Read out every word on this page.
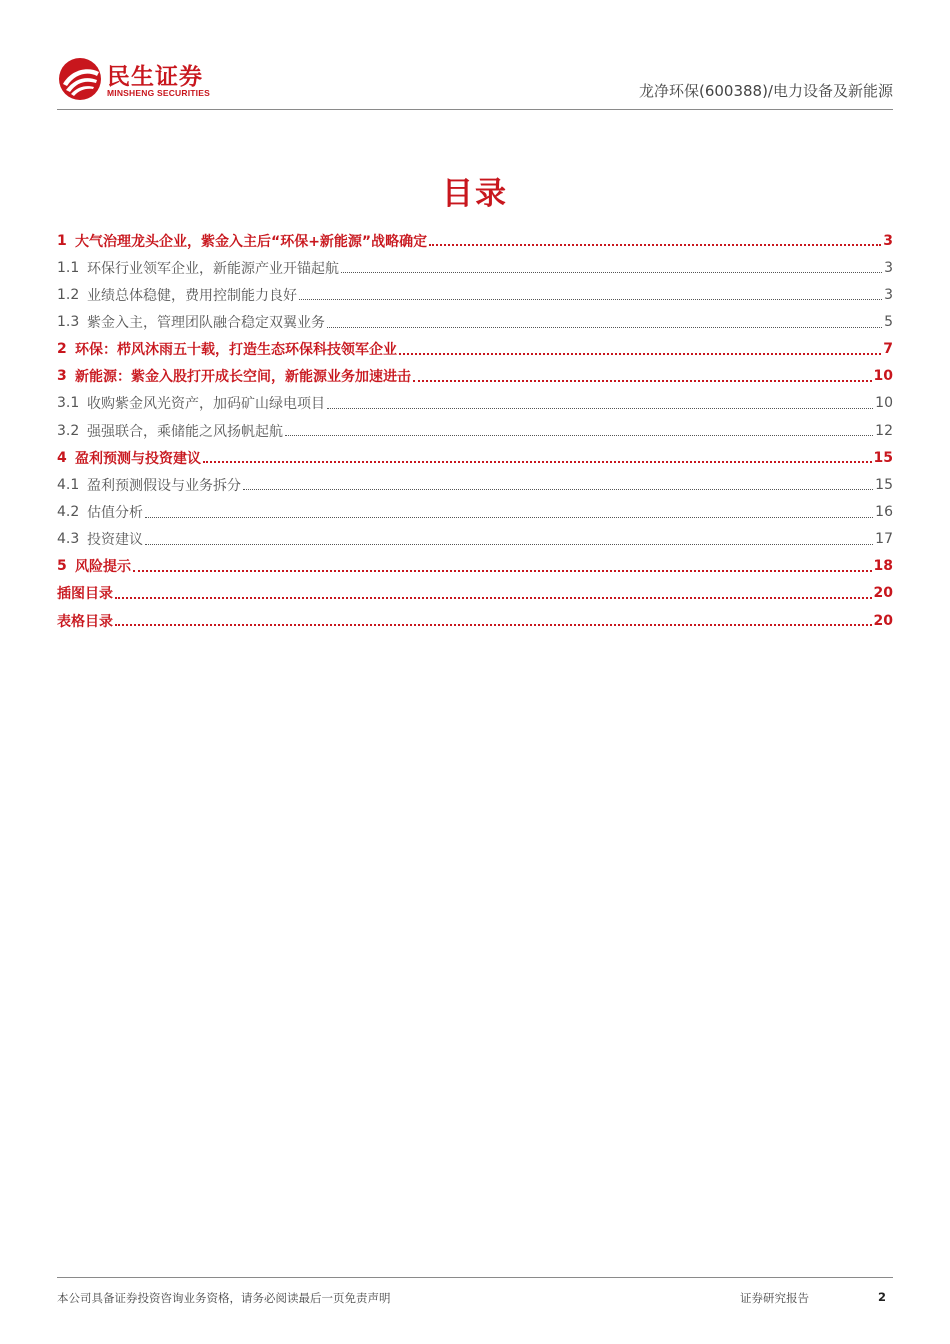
民生证券
MINSHENG SECURITIES	龙净环保(600388)/电力设备及新能源
目录
1 大气治理龙头企业，紫金入主后“环保+新能源”战略确定	3
1.1 环保行业领军企业，新能源产业开锚起航	3
1.2 业绩总体稳健，费用控制能力良好	3
1.3 紫金入主，管理团队融合稳定双翼业务	5
2 环保：栉风沐雨五十载，打造生态环保科技领军企业	7
3 新能源：紫金入股打开成长空间，新能源业务加速进击	10
3.1 收购紫金风光资产，加码矿山绿电项目	10
3.2 强强联合，乘储能之风扬帆起航	12
4 盈利预测与投资建议	15
4.1 盈利预测假设与业务拆分	15
4.2 估值分析	16
4.3 投资建议	17
5 风险提示	18
插图目录	20
表格目录	20
本公司具备证券投资咨询业务资格，请务必阅读最后一页免责声明	证券研究报告	2
